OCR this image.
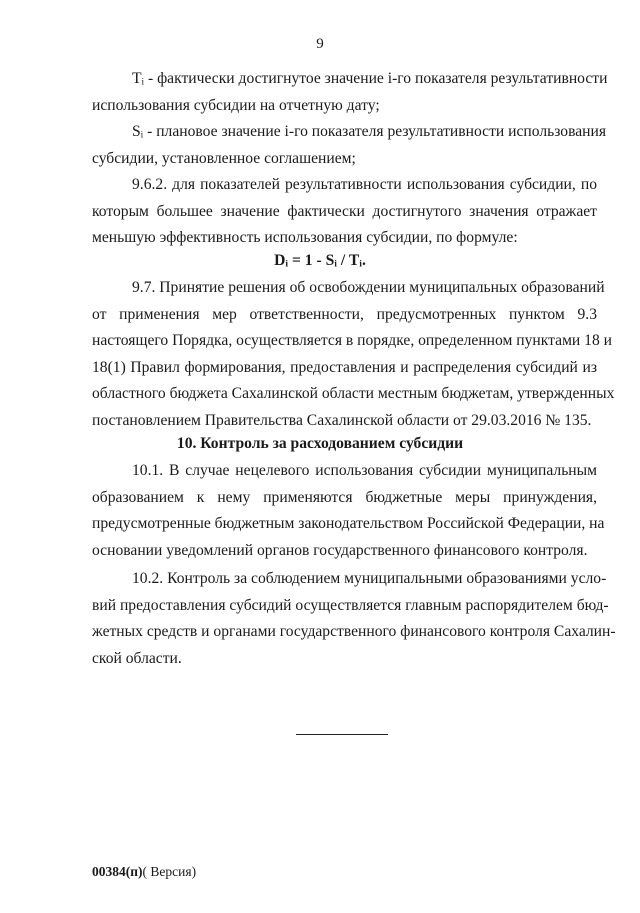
9
Tᵢ - фактически достигнутое значение i-го показателя результативности
использования субсидии на отчетную дату;
Sᵢ - плановое значение i-го показателя результативности использования
субсидии, установленное соглашением;
9.6.2. для показателей результативности использования субсидии, по
которым большее значение фактически достигнутого значения отражает
меньшую эффективность использования субсидии, по формуле:
Dᵢ = 1 - Sᵢ / Tᵢ.
9.7. Принятие решения об освобождении муниципальных образований
от применения мер ответственности, предусмотренных пунктом 9.3
настоящего Порядка, осуществляется в порядке, определенном пунктами 18 и
18(1) Правил формирования, предоставления и распределения субсидий из
областного бюджета Сахалинской области местным бюджетам, утвержденных
постановлением Правительства Сахалинской области от 29.03.2016 № 135.
10. Контроль за расходованием субсидии
10.1. В случае нецелевого использования субсидии муниципальным
образованием к нему применяются бюджетные меры принуждения,
предусмотренные бюджетным законодательством Российской Федерации, на
основании уведомлений органов государственного финансового контроля.
10.2. Контроль за соблюдением муниципальными образованиями усло-
вий предоставления субсидий осуществляется главным распорядителем бюд-
жетных средств и органами государственного финансового контроля Сахалин-
ской области.
00384(п)( Версия)
